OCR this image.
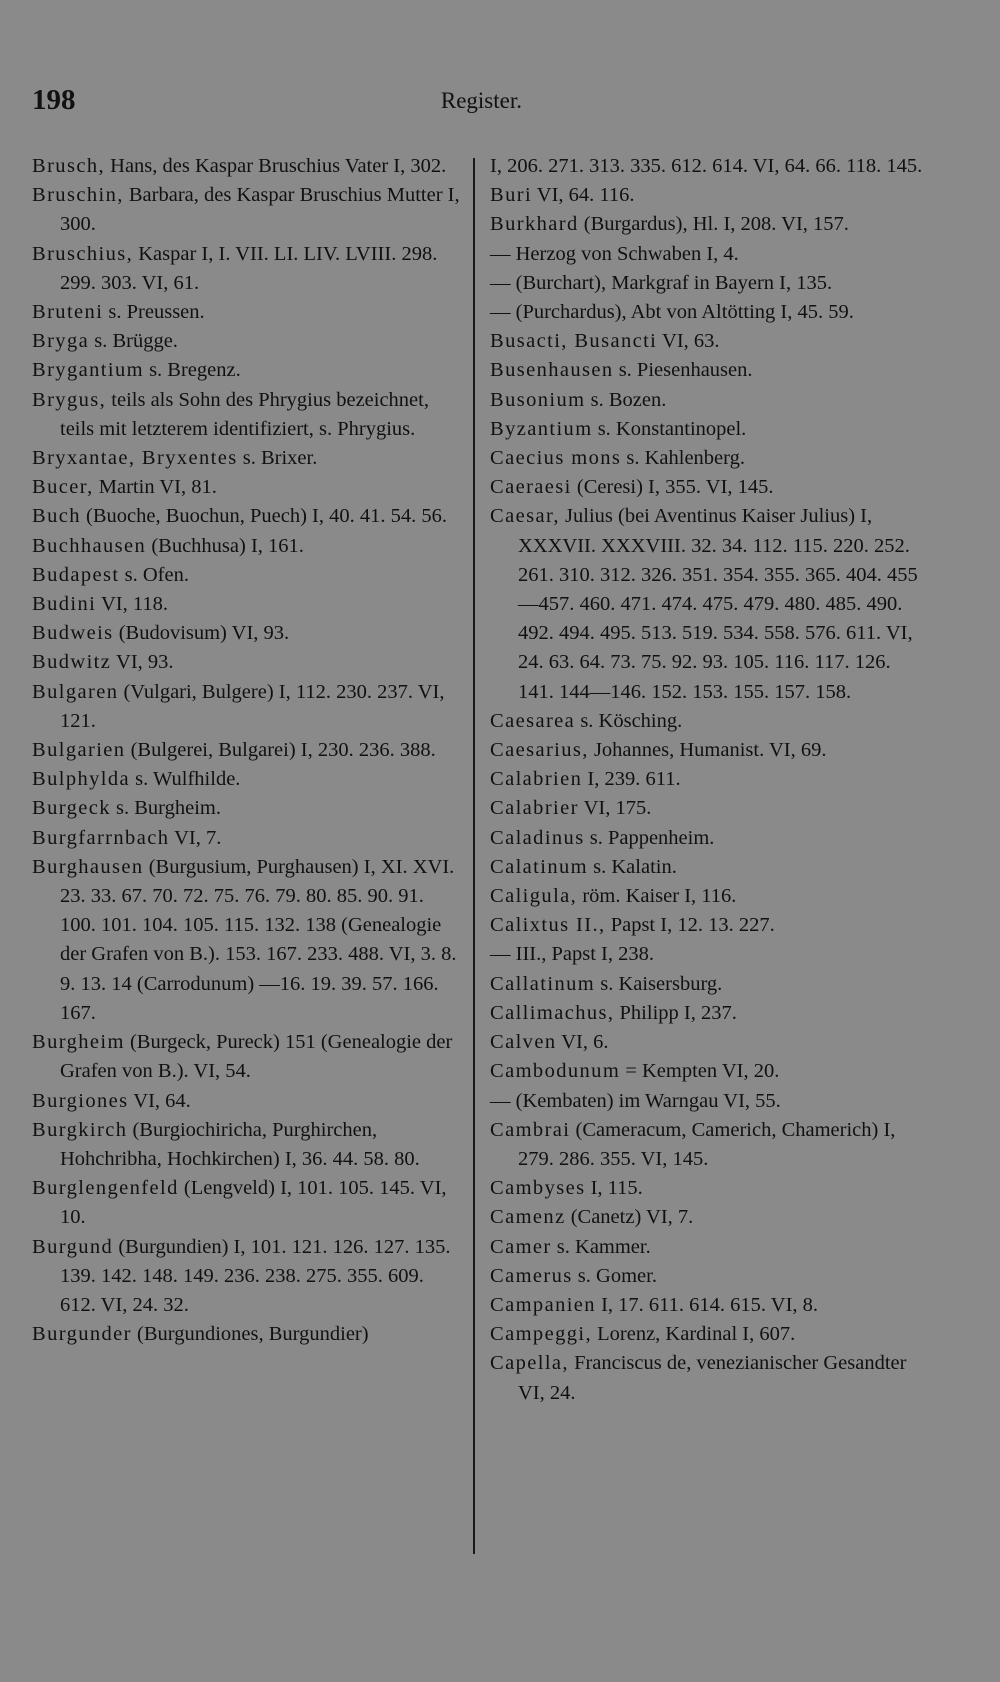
198	Register.
Brusch, Hans, des Kaspar Bruschius Vater I, 302.
Bruschin, Barbara, des Kaspar Bruschius Mutter I, 300.
Bruschius, Kaspar I, I. VII. LI. LIV. LVIII. 298. 299. 303. VI, 61.
Bruteni s. Preussen.
Bryga s. Brügge.
Brygantium s. Bregenz.
Brygus, teils als Sohn des Phrygius bezeichnet, teils mit letzterem identifiziert, s. Phrygius.
Bryxantae, Bryxentes s. Brixer.
Bucer, Martin VI, 81.
Buch (Buoche, Buochun, Puech) I, 40. 41. 54. 56.
Buchhausen (Buchhusa) I, 161.
Budapest s. Ofen.
Budini VI, 118.
Budweis (Budovisum) VI, 93.
Budwitz VI, 93.
Bulgaren (Vulgari, Bulgere) I, 112. 230. 237. VI, 121.
Bulgarien (Bulgerei, Bulgarei) I, 230. 236. 388.
Bulphylda s. Wulfhilde.
Burgeck s. Burgheim.
Burgfarrnbach VI, 7.
Burghausen (Burgusium, Purghausen) I, XI. XVI. 23. 33. 67. 70. 72. 75. 76. 79. 80. 85. 90. 91. 100. 101. 104. 105. 115. 132. 138 (Genealogie der Grafen von B.). 153. 167. 233. 488. VI, 3. 8. 9. 13. 14 (Carrodunum) —16. 19. 39. 57. 166. 167.
Burgheim (Burgeck, Pureck) 151 (Genealogie der Grafen von B.). VI, 54.
Burgiones VI, 64.
Burgkirch (Burgiochiricha, Purghirchen, Hohchribha, Hochkirchen) I, 36. 44. 58. 80.
Burglengenfeld (Lengveld) I, 101. 105. 145. VI, 10.
Burgund (Burgundien) I, 101. 121. 126. 127. 135. 139. 142. 148. 149. 236. 238. 275. 355. 609. 612. VI, 24. 32.
Burgunder (Burgundiones, Burgundier)
I, 206. 271. 313. 335. 612. 614. VI, 64. 66. 118. 145.
Buri VI, 64. 116.
Burkhard (Burgardus), Hl. I, 208. VI, 157.
— Herzog von Schwaben I, 4.
— (Burchart), Markgraf in Bayern I, 135.
— (Purchardus), Abt von Altötting I, 45. 59.
Busacti, Busancti VI, 63.
Busenhausen s. Piesenhausen.
Busonium s. Bozen.
Byzantium s. Konstantinopel.
Caecius mons s. Kahlenberg.
Caeraesi (Ceresi) I, 355. VI, 145.
Caesar, Julius (bei Aventinus Kaiser Julius) I, XXXVII. XXXVIII. 32. 34. 112. 115. 220. 252. 261. 310. 312. 326. 351. 354. 355. 365. 404. 455—457. 460. 471. 474. 475. 479. 480. 485. 490. 492. 494. 495. 513. 519. 534. 558. 576. 611. VI, 24. 63. 64. 73. 75. 92. 93. 105. 116. 117. 126. 141. 144—146. 152. 153. 155. 157. 158.
Caesarea s. Kösching.
Caesarius, Johannes, Humanist. VI, 69.
Calabrien I, 239. 611.
Calabrier VI, 175.
Caladinus s. Pappenheim.
Calatinum s. Kalatin.
Caligula, röm. Kaiser I, 116.
Calixtus II., Papst I, 12. 13. 227.
— III., Papst I, 238.
Callatinum s. Kaisersburg.
Callimachus, Philipp I, 237.
Calven VI, 6.
Cambodunum = Kempten VI, 20.
— (Kembaten) im Warngau VI, 55.
Cambrai (Cameracum, Camerich, Chamerich) I, 279. 286. 355. VI, 145.
Cambyses I, 115.
Camenz (Canetz) VI, 7.
Camer s. Kammer.
Camerus s. Gomer.
Campanien I, 17. 611. 614. 615. VI, 8.
Campeggi, Lorenz, Kardinal I, 607.
Capella, Franciscus de, venezianischer Gesandter VI, 24.
